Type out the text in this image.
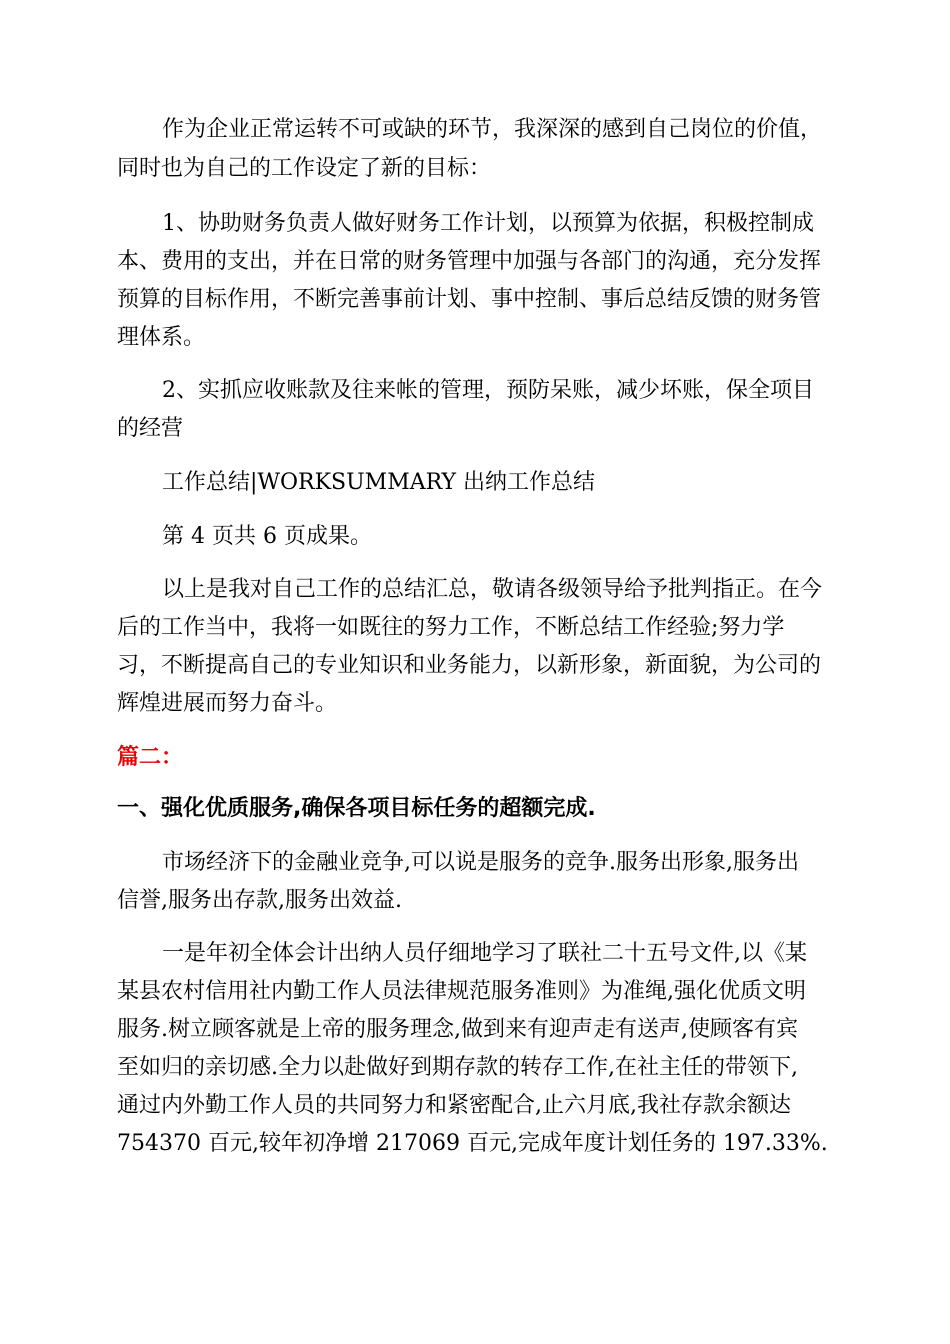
作为企业正常运转不可或缺的环节，我深深的感到自己岗位的价值，
同时也为自己的工作设定了新的目标：
1、协助财务负责人做好财务工作计划，以预算为依据，积极控制成
本、费用的支出，并在日常的财务管理中加强与各部门的沟通，充分发挥
预算的目标作用，不断完善事前计划、事中控制、事后总结反馈的财务管
理体系。
2、实抓应收账款及往来帐的管理，预防呆账，减少坏账，保全项目
的经营
工作总结|WORKSUMMARY 出纳工作总结
第 4 页共 6 页成果。
以上是我对自己工作的总结汇总，敬请各级领导给予批判指正。在今
后的工作当中，我将一如既往的努力工作，不断总结工作经验;努力学
习，不断提高自己的专业知识和业务能力，以新形象，新面貌，为公司的
辉煌进展而努力奋斗。
篇二：
一、强化优质服务,确保各项目标任务的超额完成.
市场经济下的金融业竞争,可以说是服务的竞争.服务出形象,服务出
信誉,服务出存款,服务出效益.
一是年初全体会计出纳人员仔细地学习了联社二十五号文件,以《某
某县农村信用社内勤工作人员法律规范服务准则》为准绳,强化优质文明
服务.树立顾客就是上帝的服务理念,做到来有迎声走有送声,使顾客有宾
至如归的亲切感.全力以赴做好到期存款的转存工作,在社主任的带领下,
通过内外勤工作人员的共同努力和紧密配合,止六月底,我社存款余额达
754370 百元,较年初净增 217069 百元,完成年度计划任务的 197.33%.
